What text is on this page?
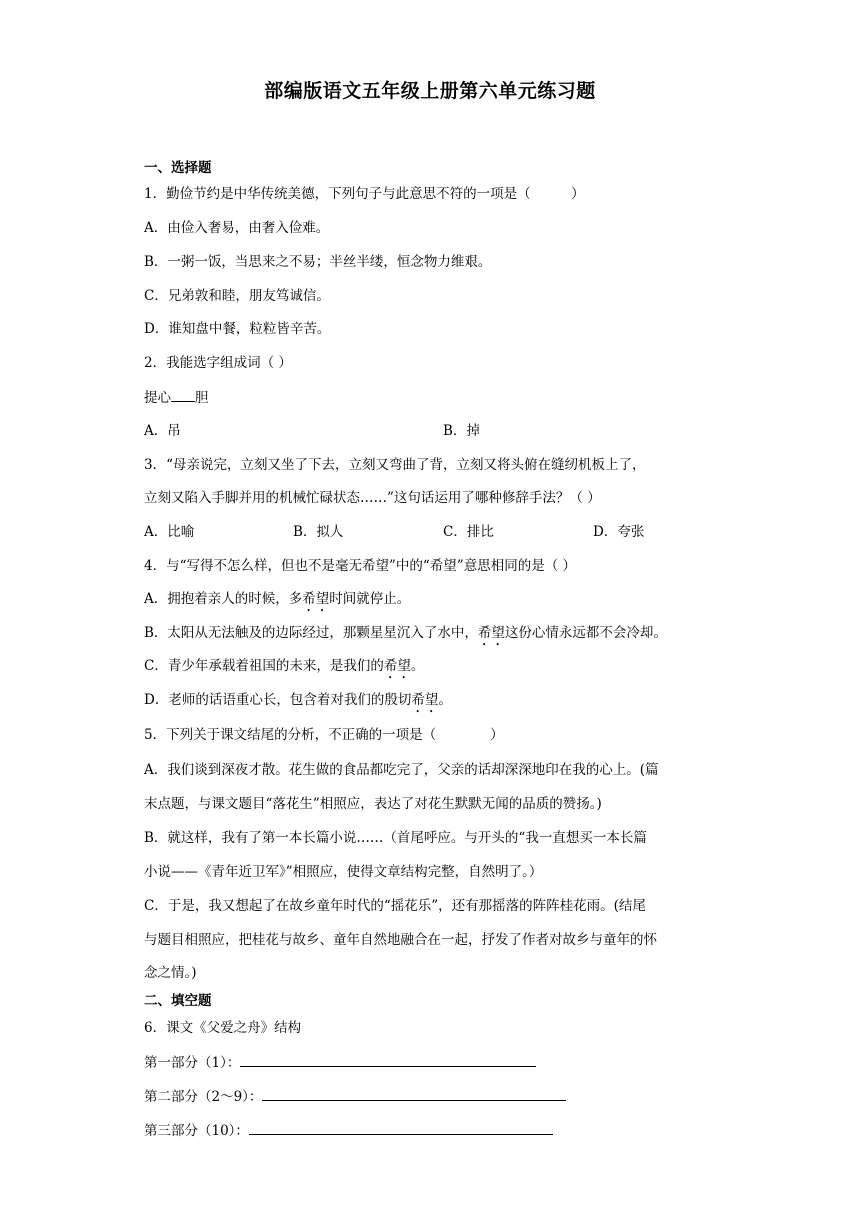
部编版语文五年级上册第六单元练习题
一、选择题
1．勤俭节约是中华传统美德，下列句子与此意思不符的一项是（　　　）
A．由俭入奢易，由奢入俭难。
B．一粥一饭，当思来之不易；半丝半缕，恒念物力维艰。
C．兄弟敦和睦，朋友笃诚信。
D．谁知盘中餐，粒粒皆辛苦。
2．我能选字组成词（ ）
提心 胆
A．吊	B．掉
3．“母亲说完，立刻又坐了下去，立刻又弯曲了背，立刻又将头俯在缝纫机板上了，
立刻又陷入手脚并用的机械忙碌状态……”这句话运用了哪种修辞手法？（ ）
A．比喻	B．拟人	C．排比	D．夸张
4．与“写得不怎么样，但也不是毫无希望”中的“希望”意思相同的是（ ）
A．拥抱着亲人的时候，多希望时间就停止。
B．太阳从无法触及的边际经过，那颗星星沉入了水中，希望这份心情永远都不会冷却。
C．青少年承载着祖国的未来，是我们的希望。
D．老师的话语重心长，包含着对我们的殷切希望。
5．下列关于课文结尾的分析，不正确的一项是（　　　　）
A．我们谈到深夜才散。花生做的食品都吃完了，父亲的话却深深地印在我的心上。(篇
末点题，与课文题目“落花生”相照应，表达了对花生默默无闻的品质的赞扬。)
B．就这样，我有了第一本长篇小说……（首尾呼应。与开头的“我一直想买一本长篇
小说——《青年近卫军》”相照应，使得文章结构完整，自然明了。）
C．于是，我又想起了在故乡童年时代的“摇花乐”，还有那摇落的阵阵桂花雨。(结尾
与题目相照应，把桂花与故乡、童年自然地融合在一起，抒发了作者对故乡与童年的怀
念之情。)
二、填空题
6．课文《父爱之舟》结构
第一部分（1）：
第二部分（2～9）：
第三部分（10）：
